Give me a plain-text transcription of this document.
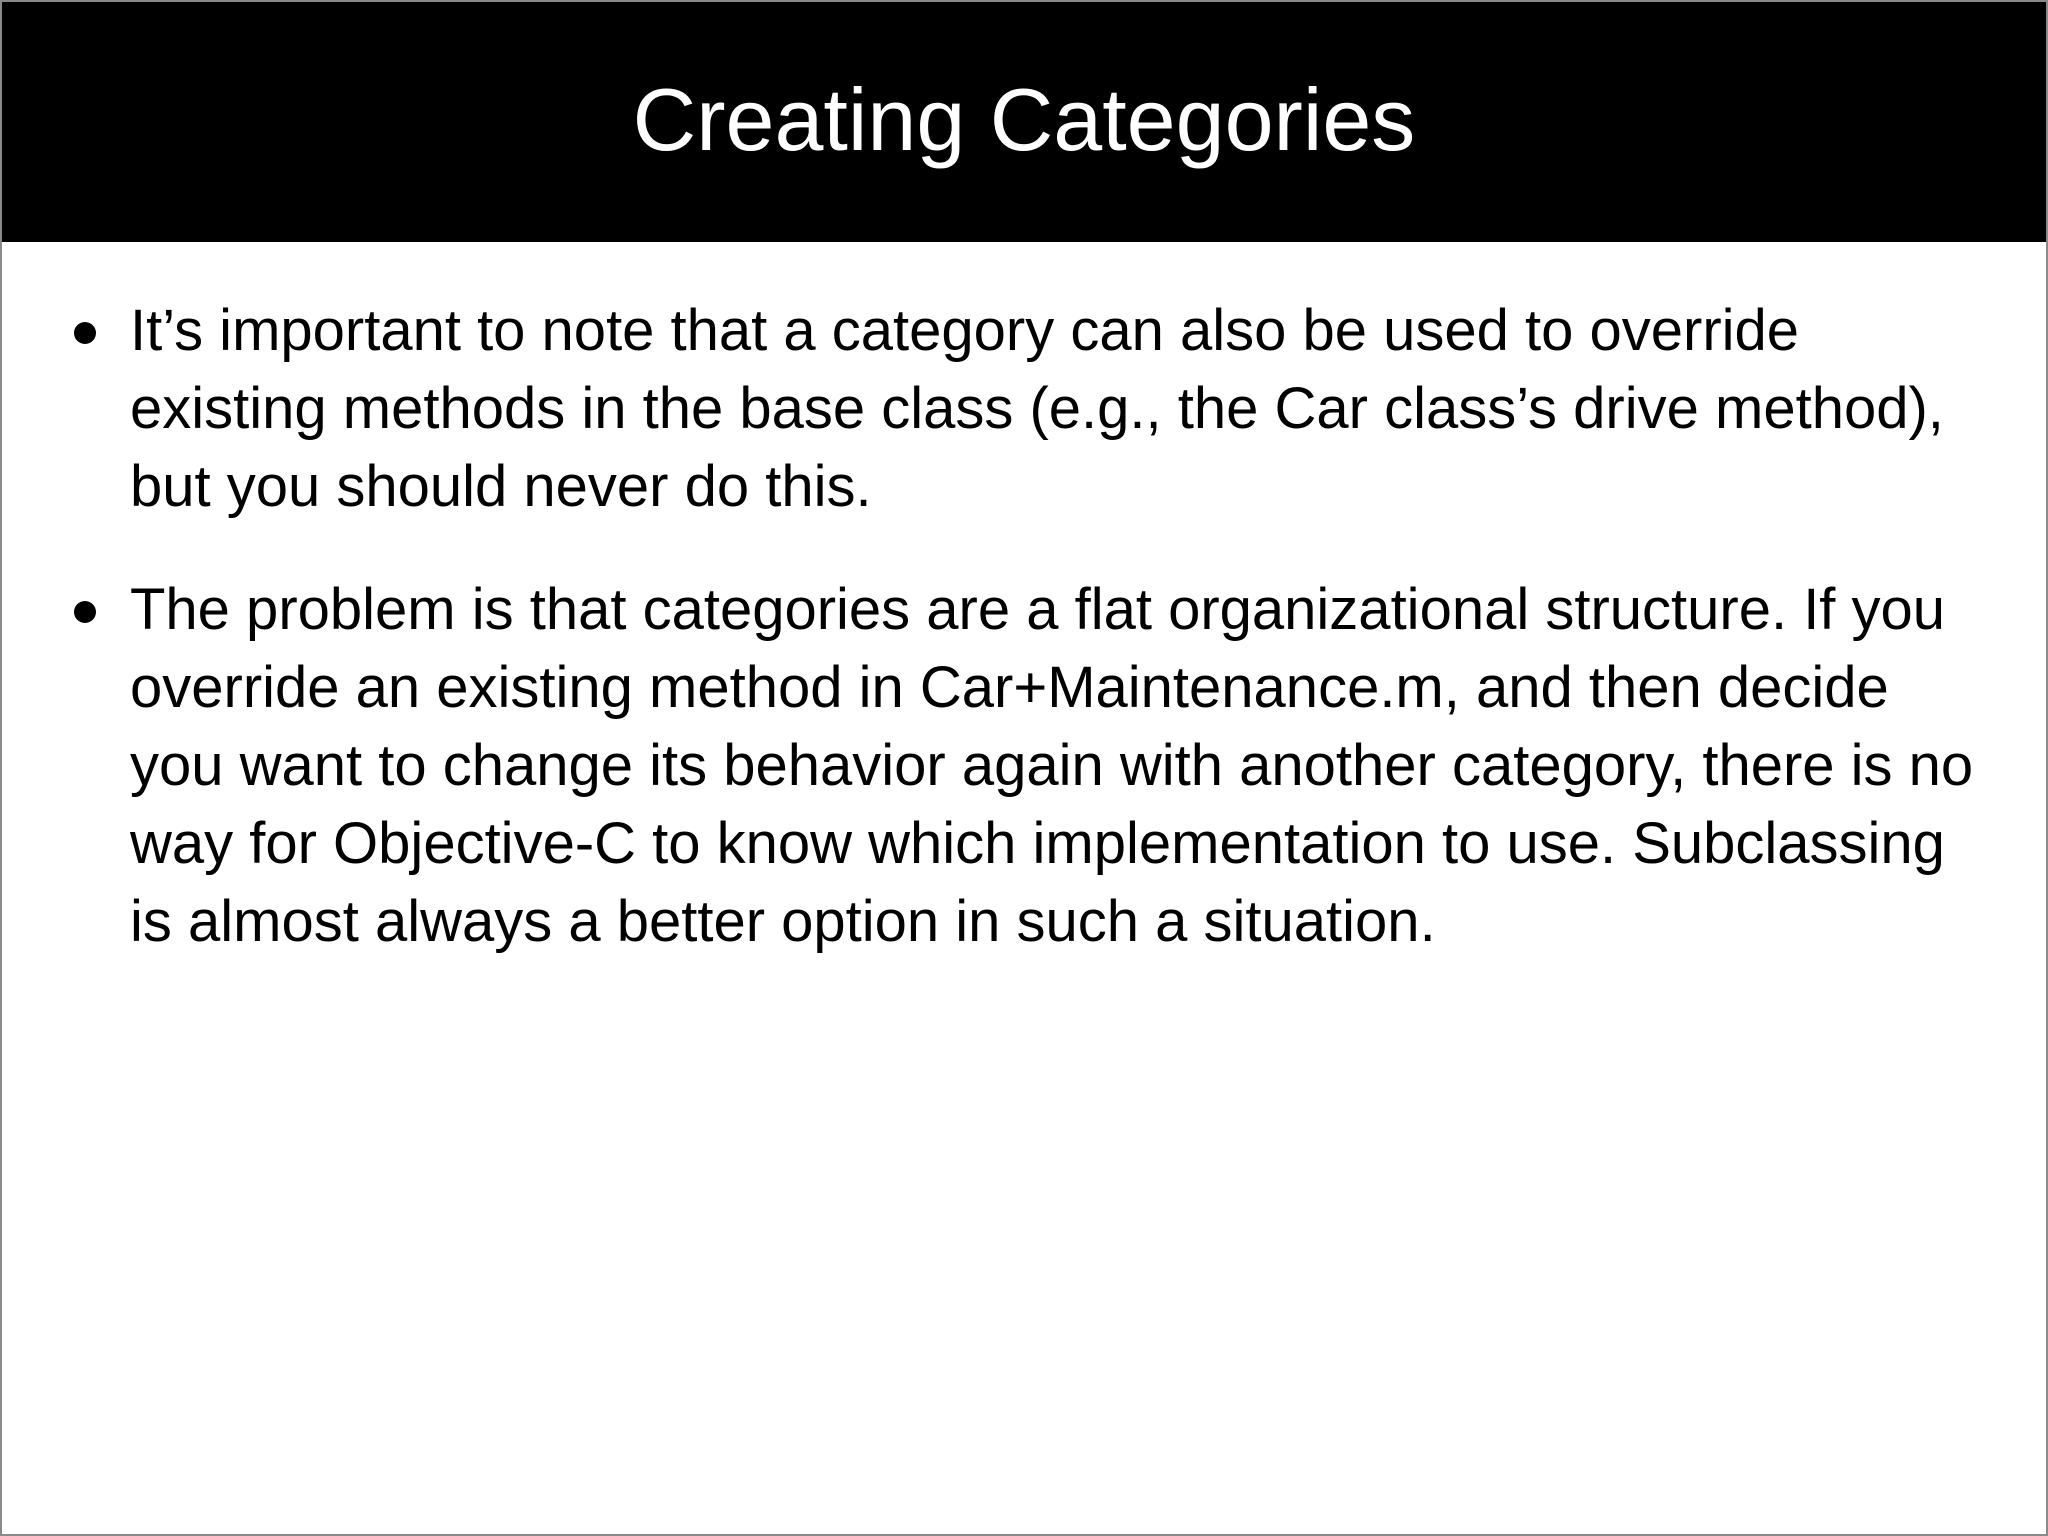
Creating Categories
It’s important to note that a category can also be used to override existing methods in the base class (e.g., the Car class’s drive method), but you should never do this.
The problem is that categories are a flat organizational structure. If you override an existing method in Car+Maintenance.m, and then decide you want to change its behavior again with another category, there is no way for Objective-C to know which implementation to use. Subclassing is almost always a better option in such a situation.
